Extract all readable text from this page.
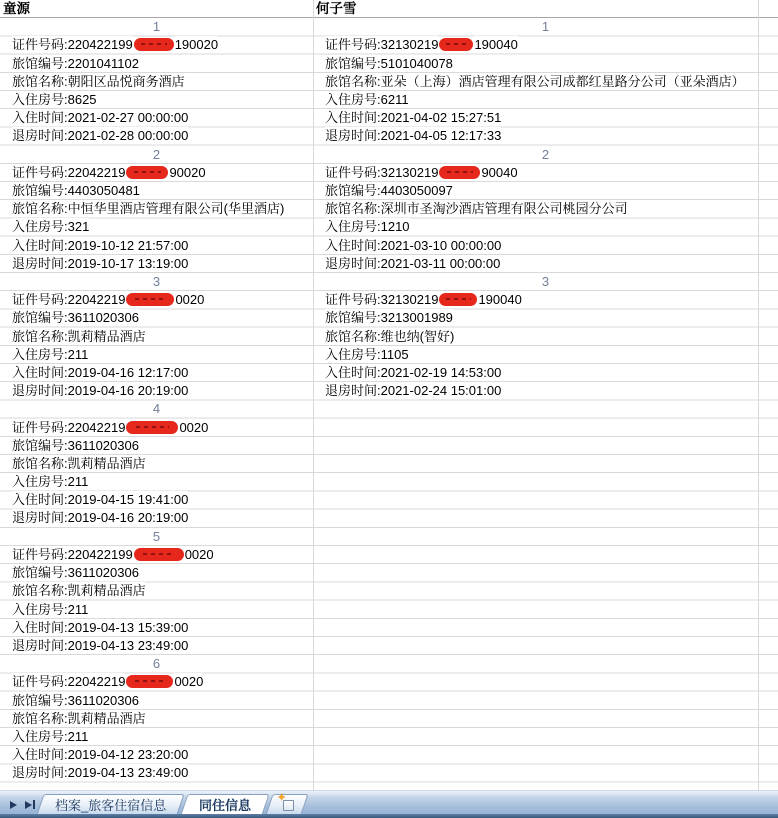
童源
1
证件号码:220422199	190020
旅馆编号:2201041102
旅馆名称:朝阳区品悦商务酒店
入住房号:8625
入住时间:2021-02-27 00:00:00
退房时间:2021-02-28 00:00:00
2
证件号码:22042219	90020
旅馆编号:4403050481
旅馆名称:中恒华里酒店管理有限公司(华里酒店)
入住房号:321
入住时间:2019-10-12 21:57:00
退房时间:2019-10-17 13:19:00
3
证件号码:22042219	0020
旅馆编号:3611020306
旅馆名称:凯莉精品酒店
入住房号:211
入住时间:2019-04-16 12:17:00
退房时间:2019-04-16 20:19:00
4
证件号码:22042219	0020
旅馆编号:3611020306
旅馆名称:凯莉精品酒店
入住房号:211
入住时间:2019-04-15 19:41:00
退房时间:2019-04-16 20:19:00
5
证件号码:220422199	0020
旅馆编号:3611020306
旅馆名称:凯莉精品酒店
入住房号:211
入住时间:2019-04-13 15:39:00
退房时间:2019-04-13 23:49:00
6
证件号码:22042219	0020
旅馆编号:3611020306
旅馆名称:凯莉精品酒店
入住房号:211
入住时间:2019-04-12 23:20:00
退房时间:2019-04-13 23:49:00
何子雪
1
证件号码:32130219	190040
旅馆编号:5101040078
旅馆名称:亚朵（上海）酒店管理有限公司成都红星路分公司（亚朵酒店）
入住房号:6211
入住时间:2021-04-02 15:27:51
退房时间:2021-04-05 12:17:33
2
证件号码:32130219	90040
旅馆编号:4403050097
旅馆名称:深圳市圣淘沙酒店管理有限公司桃园分公司
入住房号:1210
入住时间:2021-03-10 00:00:00
退房时间:2021-03-11 00:00:00
3
证件号码:32130219	190040
旅馆编号:3213001989
旅馆名称:维也纳(智好)
入住房号:1105
入住时间:2021-02-19 14:53:00
退房时间:2021-02-24 15:01:00
档案_旅客住宿信息	同住信息 ✦
